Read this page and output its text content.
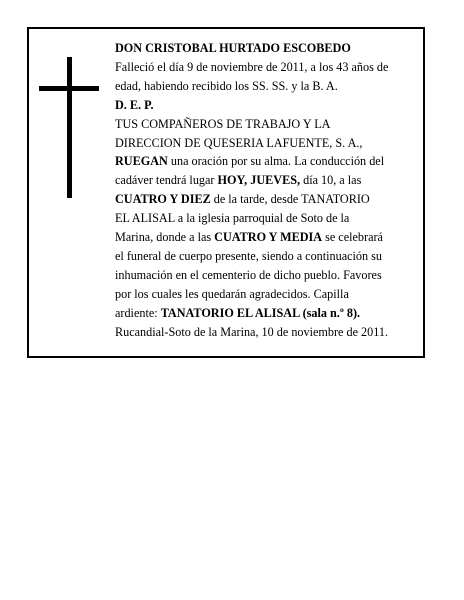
DON CRISTOBAL HURTADO ESCOBEDO
Falleció el día 9 de noviembre de 2011, a los 43 años de
edad, habiendo recibido los SS. SS. y la B. A.
D. E. P.
TUS COMPAÑEROS DE TRABAJO Y LA
DIRECCION DE QUESERIA LAFUENTE, S. A.,
RUEGAN una oración por su alma. La conducción del
cadáver tendrá lugar HOY, JUEVES, día 10, a las
CUATRO Y DIEZ de la tarde, desde TANATORIO
EL ALISAL a la iglesia parroquial de Soto de la
Marina, donde a las CUATRO Y MEDIA se celebrará
el funeral de cuerpo presente, siendo a continuación su
inhumación en el cementerio de dicho pueblo. Favores
por los cuales les quedarán agradecidos. Capilla
ardiente: TANATORIO EL ALISAL (sala n.º 8).
Rucandial-Soto de la Marina, 10 de noviembre de 2011.
